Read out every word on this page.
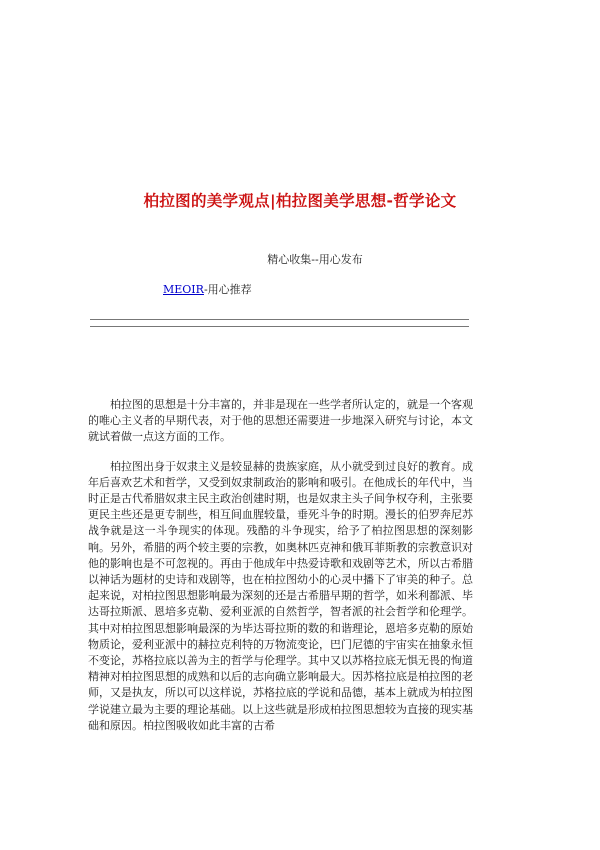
柏拉图的美学观点|柏拉图美学思想-哲学论文
精心收集--用心发布
MEOIR-用心推荐

柏拉图的思想是十分丰富的，并非是现在一些学者所认定的，就是一个客观的唯心主义者的早期代表，对于他的思想还需要进一步地深入研究与讨论，本文就试着做一点这方面的工作。

柏拉图出身于奴隶主义是较显赫的贵族家庭，从小就受到过良好的教育。成年后喜欢艺术和哲学，又受到奴隶制政治的影响和吸引。在他成长的年代中，当时正是古代希腊奴隶主民主政治创建时期，也是奴隶主头子间争权夺利，主张要更民主些还是更专制些，相互间血腥较量，垂死斗争的时期。漫长的伯罗奔尼苏战争就是这一斗争现实的体现。残酷的斗争现实，给予了柏拉图思想的深刻影响。另外，希腊的两个较主要的宗教，如奥林匹克神和俄耳菲斯教的宗教意识对他的影响也是不可忽视的。再由于他成年中热爱诗歌和戏剧等艺术，所以古希腊以神话为题材的史诗和戏剧等，也在柏拉图幼小的心灵中播下了审美的种子。总起来说，对柏拉图思想影响最为深刻的还是古希腊早期的哲学，如米利都派、毕达哥拉斯派、恩培多克勒、爱利亚派的自然哲学，智者派的社会哲学和伦理学。其中对柏拉图思想影响最深的为毕达哥拉斯的数的和谐理论，恩培多克勒的原始物质论，爱利亚派中的赫拉克利特的万物流变论，巴门尼德的宇宙实在抽象永恒不变论，苏格拉底以善为主的哲学与伦理学。其中又以苏格拉底无惧无畏的恂道精神对柏拉图思想的成熟和以后的志向确立影响最大。因苏格拉底是柏拉图的老师，又是执友，所以可以这样说，苏格拉底的学说和品德，基本上就成为柏拉图学说建立最为主要的理论基础。以上这些就是形成柏拉图思想较为直接的现实基础和原因。柏拉图吸收如此丰富的古希
